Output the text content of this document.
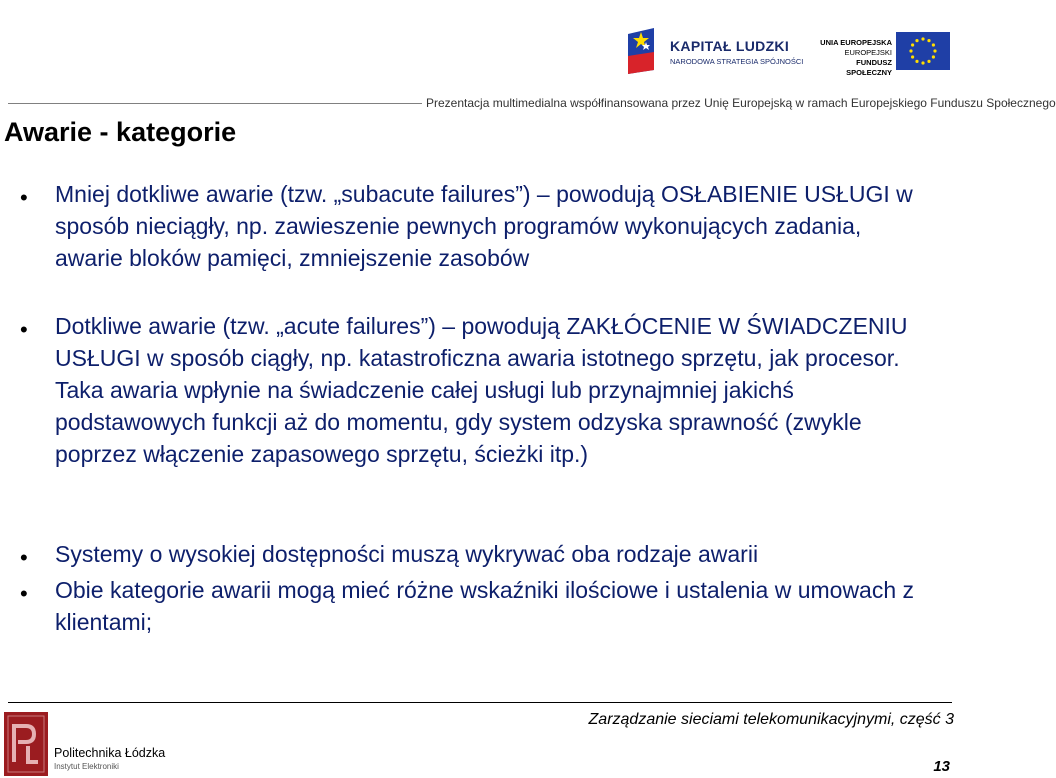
KAPITAŁ LUDZKI
NARODOWA STRATEGIA SPÓJNOŚCI
UNIA EUROPEJSKA
EUROPEJSKI
FUNDUSZ SPOŁECZNY
Prezentacja multimedialna współfinansowana przez Unię Europejską w ramach Europejskiego Funduszu Społecznego
Awarie - kategorie
• Mniej dotkliwe awarie (tzw. „subacute failures”) – powodują OSŁABIENIE USŁUGI w sposób nieciągły, np. zawieszenie pewnych programów wykonujących zadania, awarie bloków pamięci, zmniejszenie zasobów
• Dotkliwe awarie (tzw. „acute failures”) – powodują ZAKŁÓCENIE W ŚWIADCZENIU USŁUGI w sposób ciągły, np. katastroficzna awaria istotnego sprzętu, jak procesor. Taka awaria wpłynie na świadczenie całej usługi lub przynajmniej jakichś podstawowych funkcji aż do momentu, gdy system odzyska sprawność (zwykle poprzez włączenie zapasowego sprzętu, ścieżki itp.)
• Systemy o wysokiej dostępności muszą wykrywać oba rodzaje awarii
• Obie kategorie awarii mogą mieć różne wskaźniki ilościowe i ustalenia w umowach z klientami;
Zarządzanie sieciami telekomunikacyjnymi, część 3
13
Politechnika Łódzka
Instytut Elektroniki
